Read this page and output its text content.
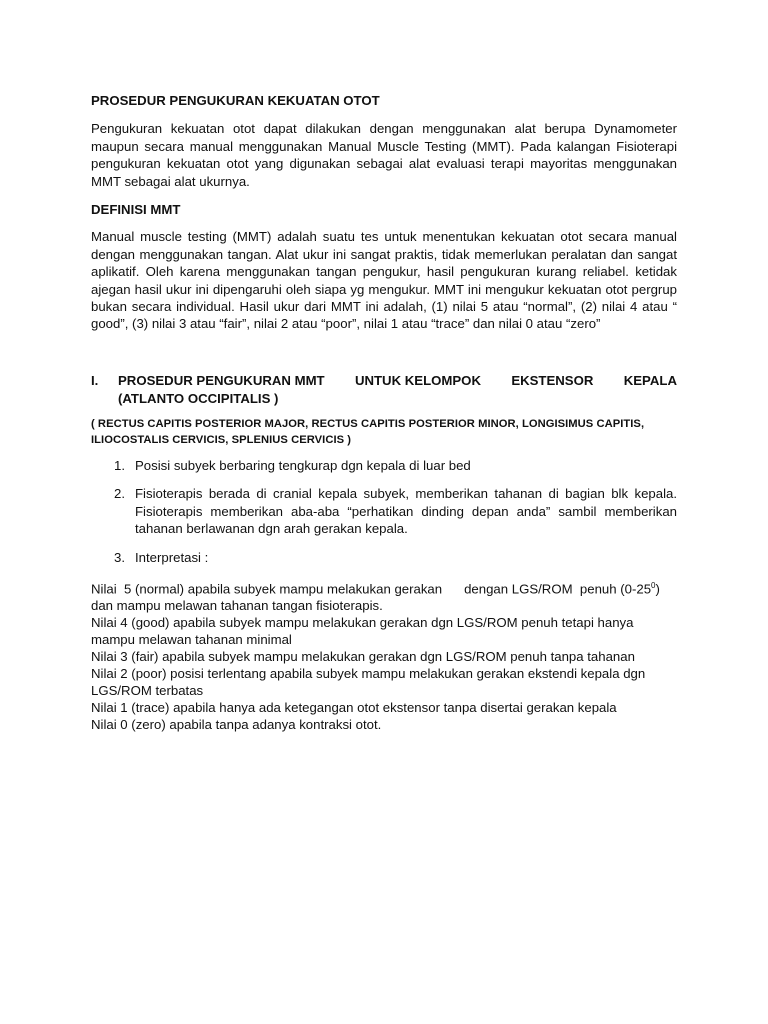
PROSEDUR PENGUKURAN KEKUATAN OTOT

Pengukuran kekuatan otot dapat dilakukan dengan menggunakan alat berupa Dynamometer maupun secara manual menggunakan Manual Muscle Testing (MMT). Pada kalangan Fisioterapi pengukuran kekuatan otot yang digunakan sebagai alat evaluasi terapi mayoritas menggunakan MMT sebagai alat ukurnya.

DEFINISI MMT

Manual muscle testing (MMT) adalah suatu tes untuk menentukan kekuatan otot secara manual dengan menggunakan tangan. Alat ukur ini sangat praktis, tidak memerlukan peralatan dan sangat aplikatif. Oleh karena menggunakan tangan pengukur, hasil pengukuran kurang reliabel. ketidak ajegan hasil ukur ini dipengaruhi oleh siapa yg mengukur. MMT ini mengukur kekuatan otot pergrup bukan secara individual. Hasil ukur dari MMT ini adalah, (1) nilai 5 atau “normal”, (2) nilai 4 atau “ good”, (3) nilai 3 atau “fair”, nilai 2 atau “poor”, nilai 1 atau “trace” dan nilai 0 atau “zero”

I.	PROSEDUR PENGUKURAN MMT UNTUK KELOMPOK EKSTENSOR KEPALA
(ATLANTO OCCIPITALIS )

( RECTUS CAPITIS POSTERIOR MAJOR, RECTUS CAPITIS POSTERIOR MINOR, LONGISIMUS CAPITIS, ILIOCOSTALIS CERVICIS, SPLENIUS CERVICIS )

1. Posisi subyek berbaring tengkurap dgn kepala di luar bed
2. Fisioterapis berada di cranial kepala subyek, memberikan tahanan di bagian blk kepala. Fisioterapis memberikan aba-aba “perhatikan dinding depan anda” sambil memberikan tahanan berlawanan dgn arah gerakan kepala.
3. Interpretasi :

Nilai  5 (normal) apabila subyek mampu melakukan gerakan      dengan LGS/ROM  penuh $(0-25^0)$ dan mampu melawan tahanan tangan fisioterapis.

Nilai 4 (good) apabila subyek mampu melakukan gerakan dgn LGS/ROM penuh tetapi hanya mampu melawan tahanan minimal

Nilai 3 (fair) apabila subyek mampu melakukan gerakan dgn LGS/ROM penuh tanpa tahanan

Nilai 2 (poor) posisi terlentang apabila subyek mampu melakukan gerakan ekstendi kepala dgn LGS/ROM terbatas

Nilai 1 (trace) apabila hanya ada ketegangan otot ekstensor tanpa disertai gerakan kepala

Nilai 0 (zero) apabila tanpa adanya kontraksi otot.
